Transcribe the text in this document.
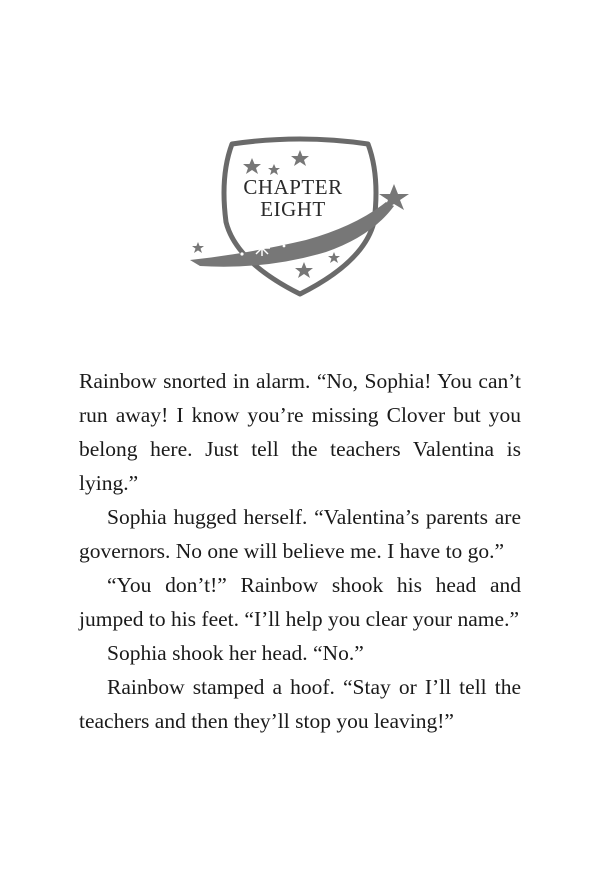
CHAPTER
EIGHT

Rainbow snorted in alarm. “No, Sophia! You can’t run away! I know you’re missing Clover but you belong here. Just tell the teachers Valentina is lying.”

Sophia hugged herself. “Valentina’s parents are governors. No one will believe me. I have to go.”

“You don’t!” Rainbow shook his head and jumped to his feet. “I’ll help you clear your name.”

Sophia shook her head. “No.”

Rainbow stamped a hoof. “Stay or I’ll tell the teachers and then they’ll stop you leaving!”
